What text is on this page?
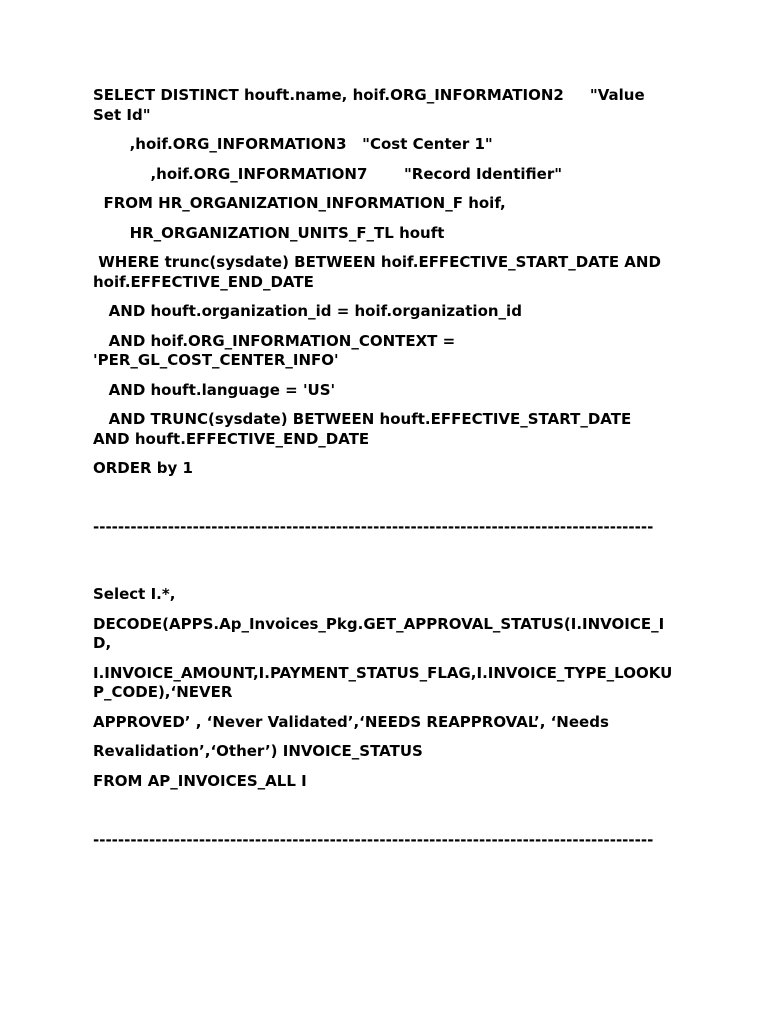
SELECT DISTINCT houft.name, hoif.ORG_INFORMATION2     "Value Set Id"

,hoif.ORG_INFORMATION3   "Cost Center 1"

,hoif.ORG_INFORMATION7       "Record Identifier"

FROM HR_ORGANIZATION_INFORMATION_F hoif,

HR_ORGANIZATION_UNITS_F_TL houft

WHERE trunc(sysdate) BETWEEN hoif.EFFECTIVE_START_DATE AND hoif.EFFECTIVE_END_DATE

AND houft.organization_id = hoif.organization_id

AND hoif.ORG_INFORMATION_CONTEXT = 'PER_GL_COST_CENTER_INFO'

AND houft.language = 'US'

AND TRUNC(sysdate) BETWEEN houft.EFFECTIVE_START_DATE AND houft.EFFECTIVE_END_DATE

ORDER by 1

------------------------------------------------------------------------------------------

Select I.*,

DECODE(APPS.Ap_Invoices_Pkg.GET_APPROVAL_STATUS(I.INVOICE_ID,

I.INVOICE_AMOUNT,I.PAYMENT_STATUS_FLAG,I.INVOICE_TYPE_LOOKUP_CODE),‘NEVER

APPROVED’ , ‘Never Validated’,‘NEEDS REAPPROVAL’, ‘Needs

Revalidation’,‘Other’) INVOICE_STATUS

FROM AP_INVOICES_ALL I

------------------------------------------------------------------------------------------
